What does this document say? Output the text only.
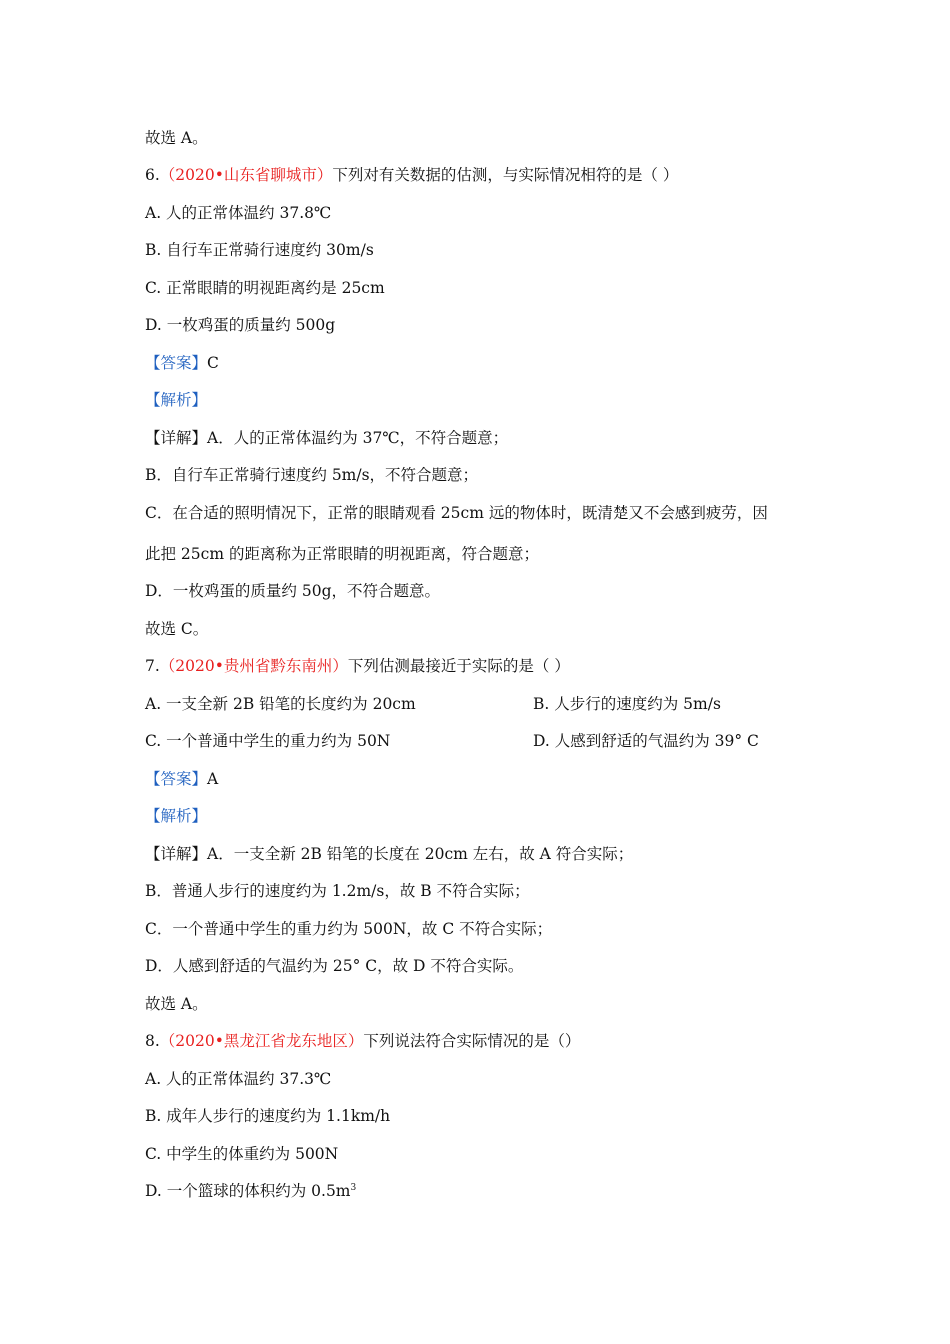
故选 A。
6.（2020•山东省聊城市）下列对有关数据的估测，与实际情况相符的是（ ）
A. 人的正常体温约 37.8℃
B. 自行车正常骑行速度约 30m/s
C. 正常眼睛的明视距离约是 25cm
D. 一枚鸡蛋的质量约 500g
【答案】C
【解析】
【详解】A．人的正常体温约为 37℃，不符合题意；
B．自行车正常骑行速度约 5m/s，不符合题意；
C．在合适的照明情况下，正常的眼睛观看 25cm 远的物体时，既清楚又不会感到疲劳，因
此把 25cm 的距离称为正常眼睛的明视距离，符合题意；
D．一枚鸡蛋的质量约 50g，不符合题意。
故选 C。
7.（2020•贵州省黔东南州）下列估测最接近于实际的是（ ）
A. 一支全新 2B 铅笔的长度约为 20cm	B. 人步行的速度约为 5m/s
C. 一个普通中学生的重力约为 50N	D. 人感到舒适的气温约为 39° C
【答案】A
【解析】
【详解】A．一支全新 2B 铅笔的长度在 20cm 左右，故 A 符合实际；
B．普通人步行的速度约为 1.2m/s，故 B 不符合实际；
C．一个普通中学生的重力约为 500N，故 C 不符合实际；
D．人感到舒适的气温约为 25° C，故 D 不符合实际。
故选 A。
8.（2020•黑龙江省龙东地区）下列说法符合实际情况的是（）
A. 人的正常体温约 37.3℃
B. 成年人步行的速度约为 1.1km/h
C. 中学生的体重约为 500N
D. 一个篮球的体积约为 $0.5m^3$
